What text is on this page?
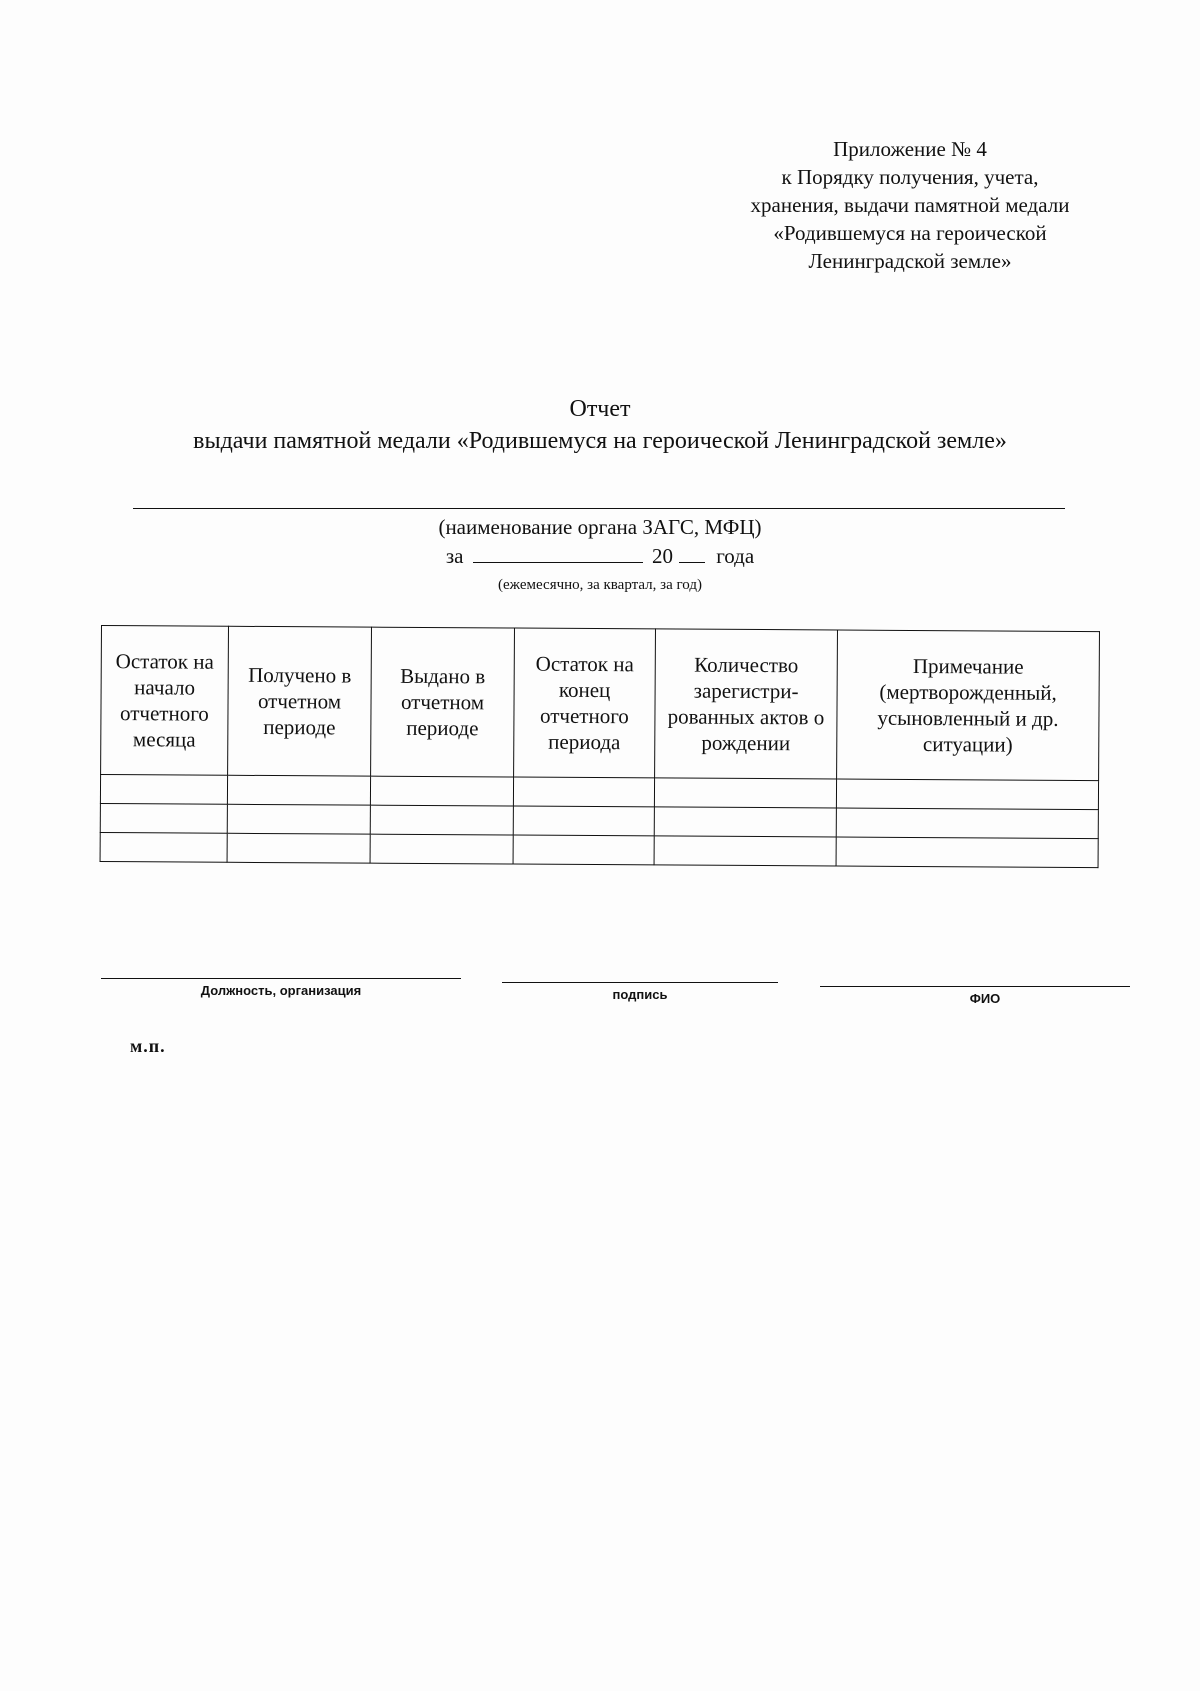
Приложение № 4
к Порядку получения, учета,
хранения, выдачи памятной медали
«Родившемуся на героической
Ленинградской земле»
Отчет
выдачи памятной медали «Родившемуся на героической Ленинградской земле»
(наименование органа ЗАГС, МФЦ)
за	20 года
(ежемесячно, за квартал, за год)
Остаток на начало отчетного месяца	Получено в отчетном периоде	Выдано в отчетном периоде	Остаток на конец отчетного периода	Количество зарегистри-рованных актов о рождении	Примечание (мертворожденный, усыновленный и др. ситуации)

Должность, организация	подпись	ФИО
м.п.
